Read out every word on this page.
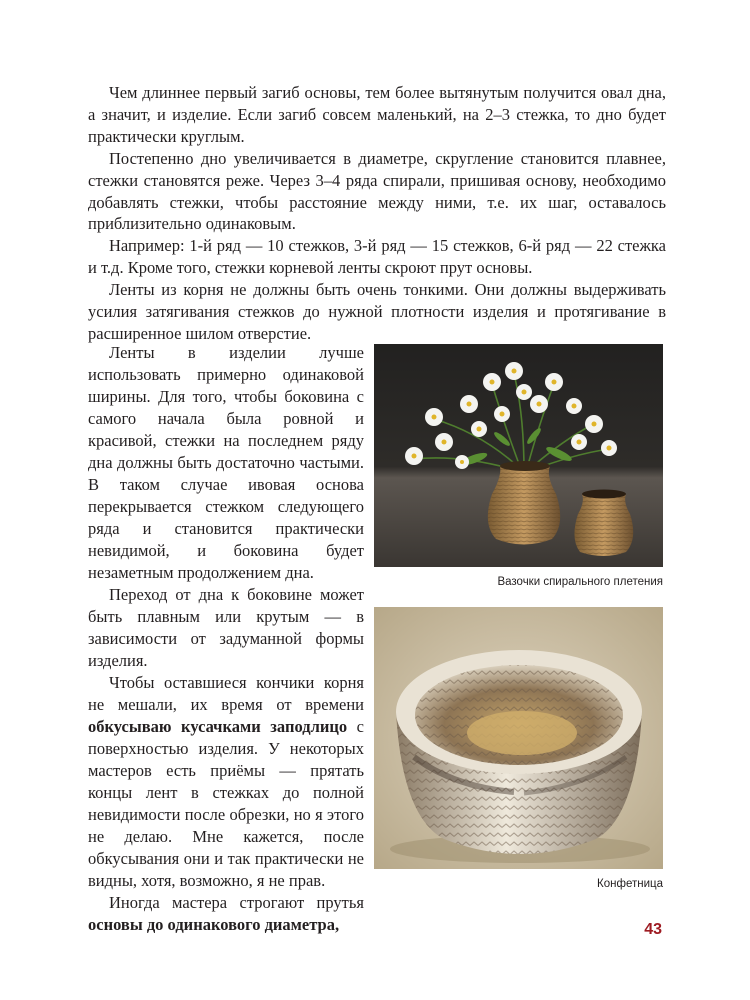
Чем длиннее первый загиб основы, тем более вытянутым получится овал дна, а значит, и изделие. Если загиб совсем маленький, на 2–3 стежка, то дно будет практически круглым.

Постепенно дно увеличивается в диаметре, скругление становится плавнее, стежки становятся реже. Через 3–4 ряда спирали, пришивая основу, необходимо добавлять стежки, чтобы расстояние между ними, т.е. их шаг, оставалось приблизительно одинаковым.

Например: 1-й ряд — 10 стежков, 3-й ряд — 15 стежков, 6-й ряд — 22 стежка и т.д. Кроме того, стежки корневой ленты скроют прут основы.

Ленты из корня не должны быть очень тонкими. Они должны выдерживать усилия затягивания стежков до нужной плотности изделия и протягивание в расширенное шилом отверстие.

Ленты в изделии лучше использовать примерно одинаковой ширины. Для того, чтобы боковина с самого начала была ровной и красивой, стежки на последнем ряду дна должны быть достаточно частыми. В таком случае ивовая основа перекрывается стежком следующего ряда и становится практически невидимой, и боковина будет незаметным продолжением дна.

Переход от дна к боковине может быть плавным или крутым — в зависимости от задуманной формы изделия.

Чтобы оставшиеся кончики корня не мешали, их время от времени обкусываю кусачками заподлицо с поверхностью изделия. У некоторых мастеров есть приёмы — прятать концы лент в стежках до полной невидимости после обрезки, но я этого не делаю. Мне кажется, после обкусывания они и так практически не видны, хотя, возможно, я не прав.

Иногда мастера строгают прутья основы до одинакового диаметра,

Вазочки спирального плетения
Конфетница
43
